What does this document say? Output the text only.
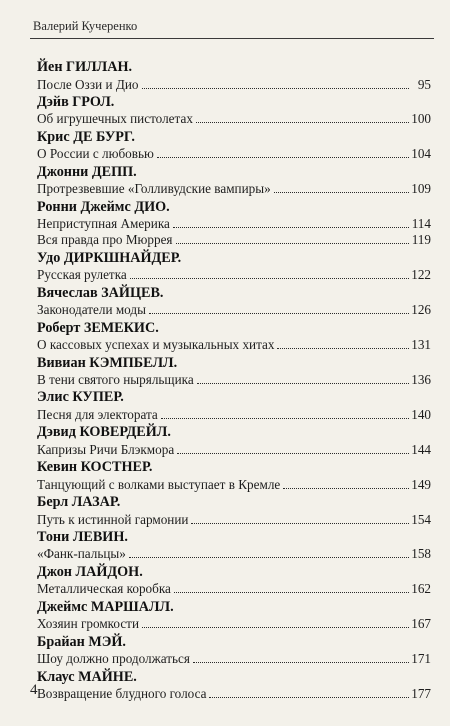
Валерий Кучеренко
Йен ГИЛЛАН.
После Оззи и Дио	95
Дэйв ГРОЛ.
Об игрушечных пистолетах	100
Крис ДЕ БУРГ.
О России с любовью	104
Джонни ДЕПП.
Протрезвевшие «Голливудские вампиры»	109
Ронни Джеймс ДИО.
Неприступная Америка	114
Вся правда про Мюррея	119
Удо ДИРКШНАЙДЕР.
Русская рулетка	122
Вячеслав ЗАЙЦЕВ.
Законодатели моды	126
Роберт ЗЕМЕКИС.
О кассовых успехах и музыкальных хитах	131
Вивиан КЭМПБЕЛЛ.
В тени святого ныряльщика	136
Элис КУПЕР.
Песня для электората	140
Дэвид КОВЕРДЕЙЛ.
Капризы Ричи Блэкмора	144
Кевин КОСТНЕР.
Танцующий с волками выступает в Кремле	149
Берл ЛАЗАР.
Путь к истинной гармонии	154
Тони ЛЕВИН.
«Фанк-пальцы»	158
Джон ЛАЙДОН.
Металлическая коробка	162
Джеймс МАРШАЛЛ.
Хозяин громкости	167
Брайан МЭЙ.
Шоу должно продолжаться	171
Клаус МАЙНЕ.
Возвращение блудного голоса	177
4
